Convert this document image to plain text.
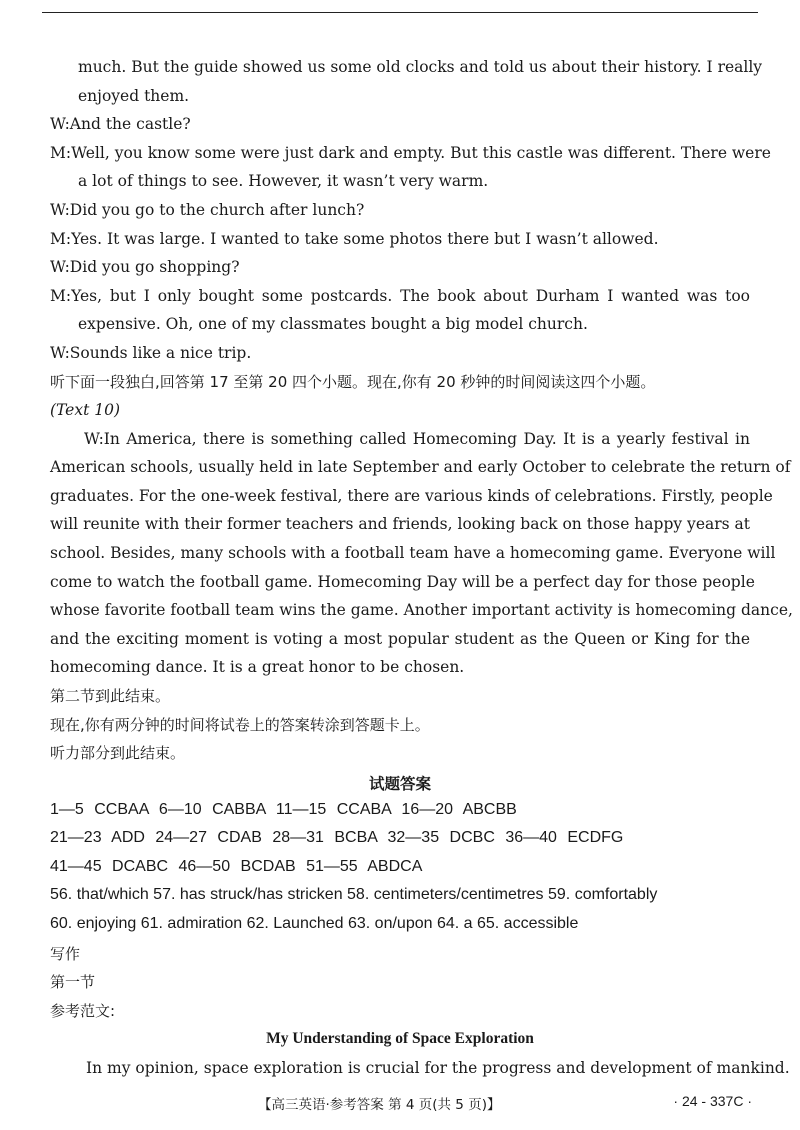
much. But the guide showed us some old clocks and told us about their history. I really
enjoyed them.
W:And the castle?
M:Well, you know some were just dark and empty. But this castle was different. There were
a lot of things to see. However, it wasn’t very warm.
W:Did you go to the church after lunch?
M:Yes. It was large. I wanted to take some photos there but I wasn’t allowed.
W:Did you go shopping?
M:Yes, but I only bought some postcards. The book about Durham I wanted was too
expensive. Oh, one of my classmates bought a big model church.
W:Sounds like a nice trip.
听下面一段独白,回答第 17 至第 20 四个小题。现在,你有 20 秒钟的时间阅读这四个小题。
(Text 10)
W:In America, there is something called Homecoming Day. It is a yearly festival in
American schools, usually held in late September and early October to celebrate the return of
graduates. For the one-week festival, there are various kinds of celebrations. Firstly, people
will reunite with their former teachers and friends, looking back on those happy years at
school. Besides, many schools with a football team have a homecoming game. Everyone will
come to watch the football game. Homecoming Day will be a perfect day for those people
whose favorite football team wins the game. Another important activity is homecoming dance,
and the exciting moment is voting a most popular student as the Queen or King for the
homecoming dance. It is a great honor to be chosen.
第二节到此结束。
现在,你有两分钟的时间将试卷上的答案转涂到答题卡上。
听力部分到此结束。
试题答案
1—5 CCBAA 6—10 CABBA 11—15 CCABA 16—20 ABCBB
21—23 ADD 24—27 CDAB 28—31 BCBA 32—35 DCBC 36—40 ECDFG
41—45 DCABC 46—50 BCDAB 51—55 ABDCA
56. that/which 57. has struck/has stricken 58. centimeters/centimetres 59. comfortably
60. enjoying 61. admiration 62. Launched 63. on/upon 64. a 65. accessible
写作
第一节
参考范文:
My Understanding of Space Exploration
In my opinion, space exploration is crucial for the progress and development of mankind.
【高三英语·参考答案 第 4 页(共 5 页)】	· 24 - 337C ·
